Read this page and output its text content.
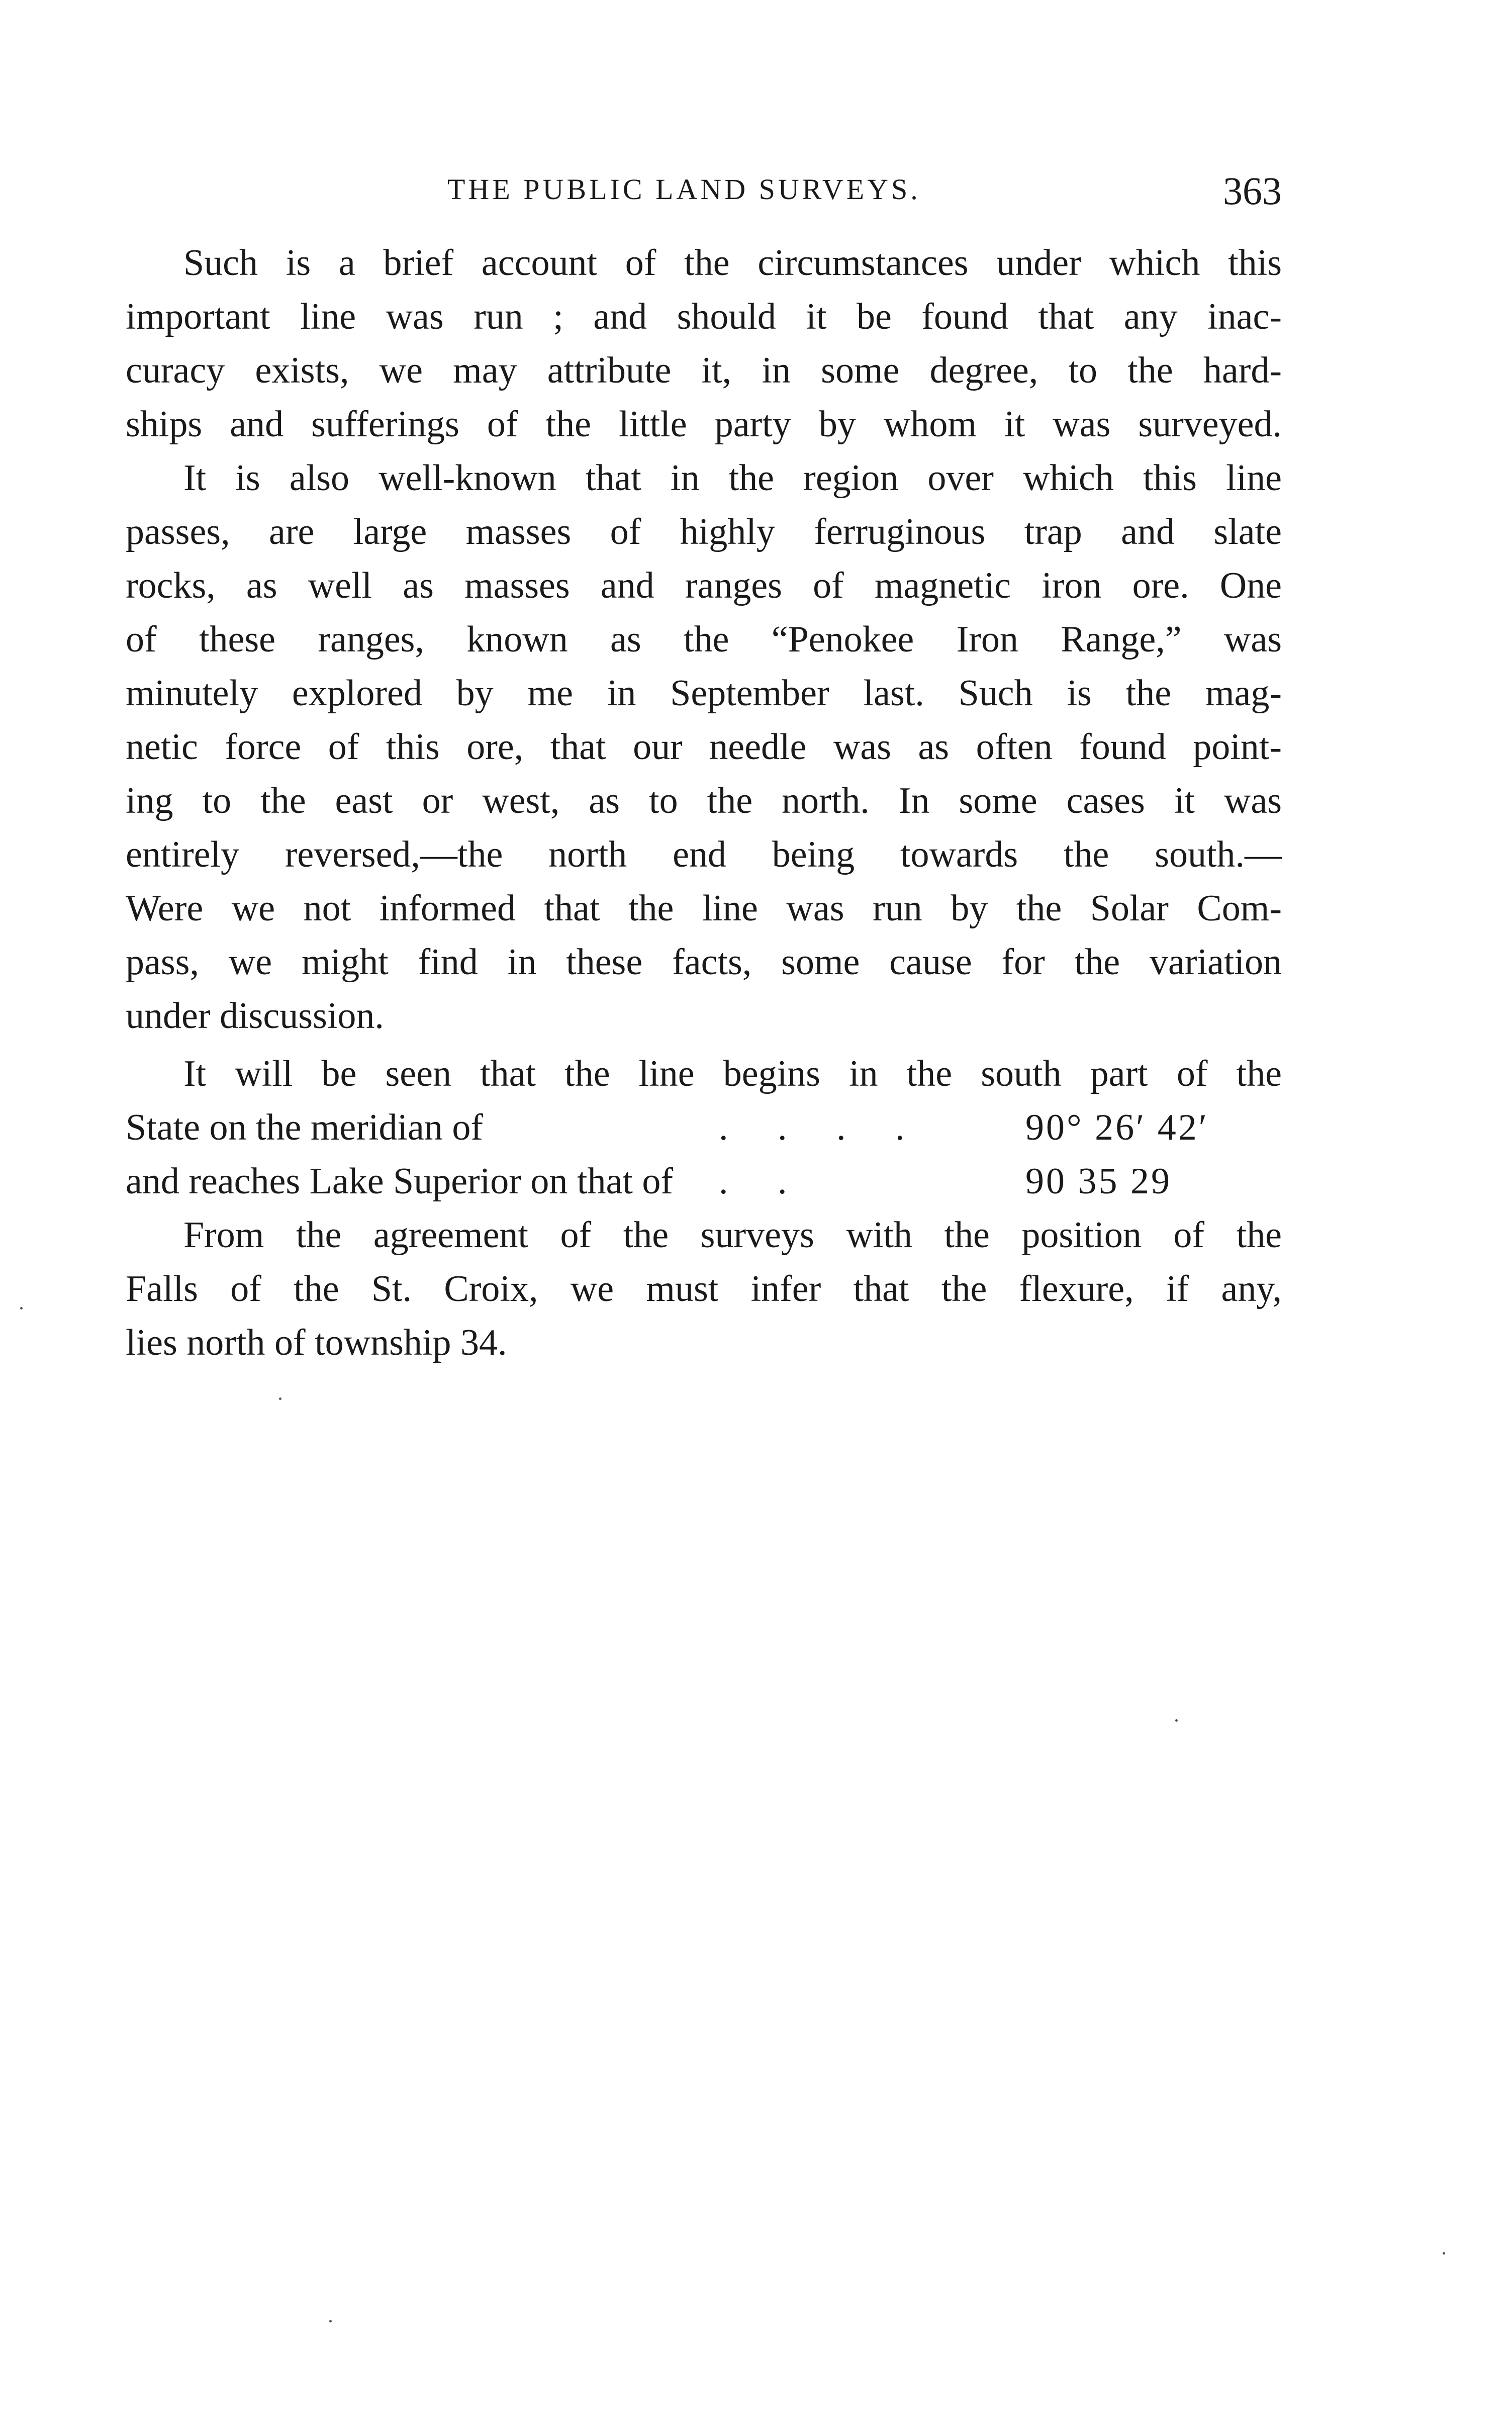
THE PUBLIC LAND SURVEYS.	363
Such is a brief account of the circumstances under which this
important line was run ; and should it be found that any inac-
curacy exists, we may attribute it, in some degree, to the hard-
ships and sufferings of the little party by whom it was surveyed.
It is also well-known that in the region over which this line
passes, are large masses of highly ferruginous trap and slate
rocks, as well as masses and ranges of magnetic iron ore. One
of these ranges, known as the “Penokee Iron Range,” was
minutely explored by me in September last. Such is the mag-
netic force of this ore, that our needle was as often found point-
ing to the east or west, as to the north. In some cases it was
entirely reversed,—the north end being towards the south.—
Were we not informed that the line was run by the Solar Com-
pass, we might find in these facts, some cause for the variation
under discussion.
It will be seen that the line begins in the south part of the
State on the meridian of	. . . .	90° 26′ 42′
and reaches Lake Superior on that of . .	90 35 29
From the agreement of the surveys with the position of the
Falls of the St. Croix, we must infer that the flexure, if any,
lies north of township 34.
